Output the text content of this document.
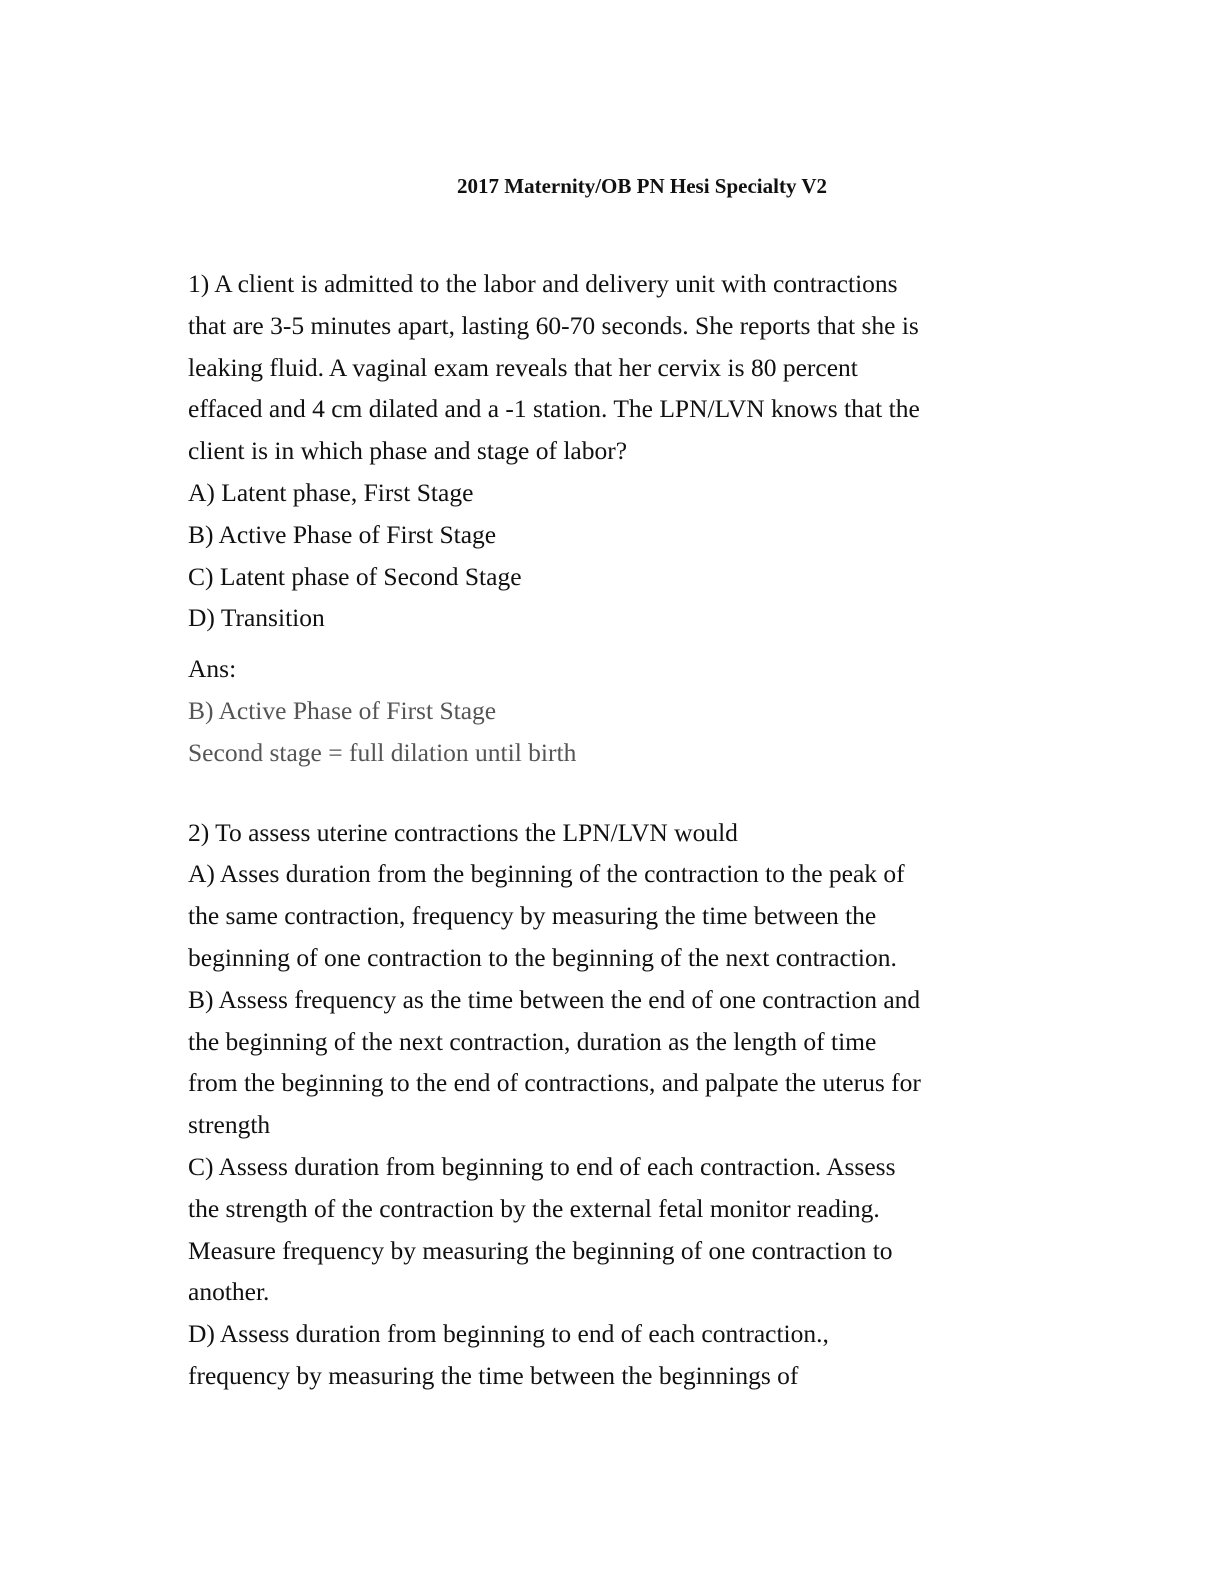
2017 Maternity/OB PN Hesi Specialty V2
1) A client is admitted to the labor and delivery unit with contractions
that are 3-5 minutes apart, lasting 60-70 seconds. She reports that she is
leaking fluid. A vaginal exam reveals that her cervix is 80 percent
effaced and 4 cm dilated and a -1 station. The LPN/LVN knows that the
client is in which phase and stage of labor?
A) Latent phase, First Stage
B) Active Phase of First Stage
C) Latent phase of Second Stage
D) Transition
Ans:
B) Active Phase of First Stage
Second stage = full dilation until birth
2) To assess uterine contractions the LPN/LVN would
A) Asses duration from the beginning of the contraction to the peak of
the same contraction, frequency by measuring the time between the
beginning of one contraction to the beginning of the next contraction.
B) Assess frequency as the time between the end of one contraction and
the beginning of the next contraction, duration as the length of time
from the beginning to the end of contractions, and palpate the uterus for
strength
C) Assess duration from beginning to end of each contraction. Assess
the strength of the contraction by the external fetal monitor reading.
Measure frequency by measuring the beginning of one contraction to
another.
D) Assess duration from beginning to end of each contraction.,
frequency by measuring the time between the beginnings of
